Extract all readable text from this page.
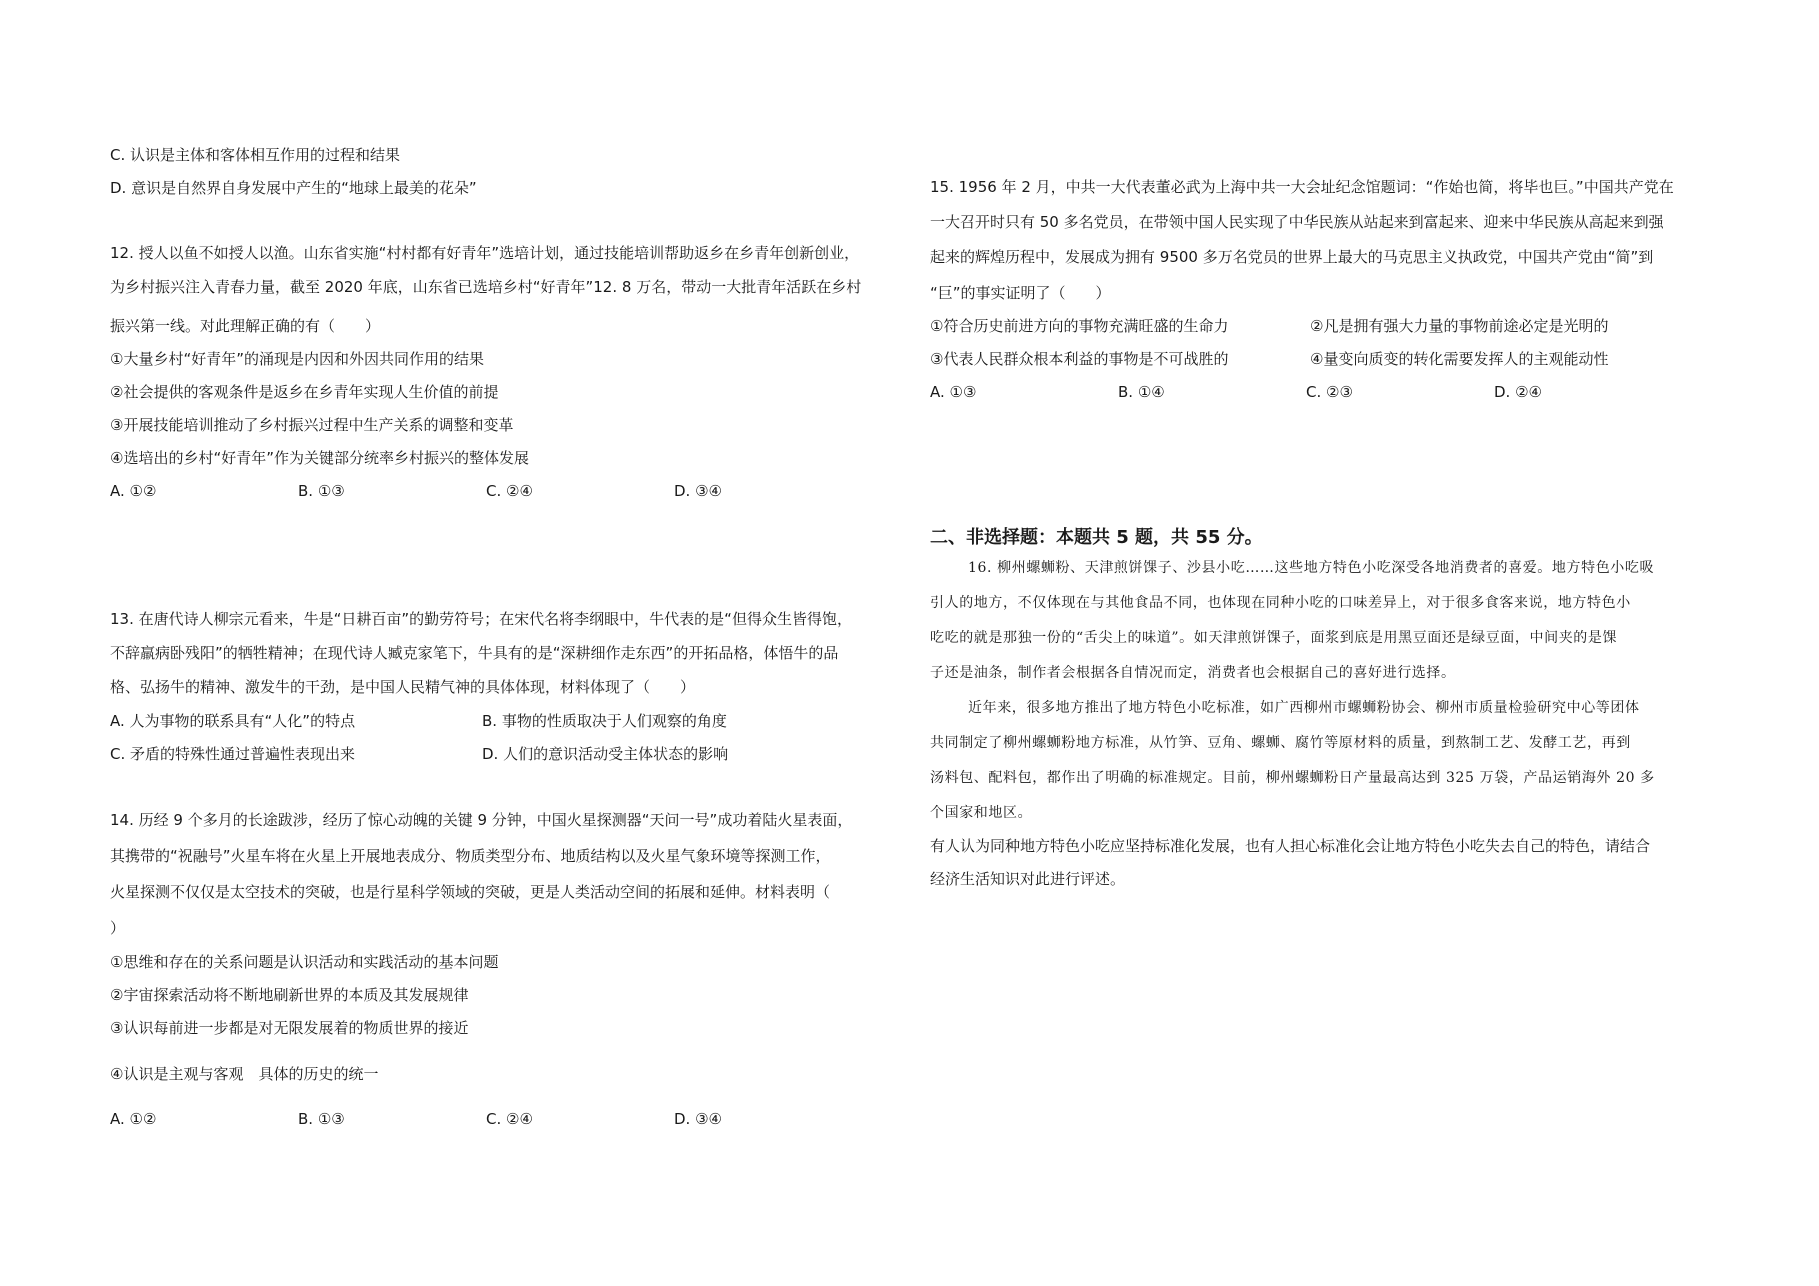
C. 认识是主体和客体相互作用的过程和结果
D. 意识是自然界自身发展中产生的“地球上最美的花朵”
12. 授人以鱼不如授人以渔。山东省实施“村村都有好青年”选培计划，通过技能培训帮助返乡在乡青年创新创业，
为乡村振兴注入青春力量，截至 2020 年底，山东省已选培乡村“好青年”12. 8 万名，带动一大批青年活跃在乡村
振兴第一线。对此理解正确的有（　　）
①大量乡村“好青年”的涌现是内因和外因共同作用的结果
②社会提供的客观条件是返乡在乡青年实现人生价值的前提
③开展技能培训推动了乡村振兴过程中生产关系的调整和变革
④选培出的乡村“好青年”作为关键部分统率乡村振兴的整体发展
A. ①②	B. ①③	C. ②④	D. ③④
13. 在唐代诗人柳宗元看来，牛是“日耕百亩”的勤劳符号；在宋代名将李纲眼中，牛代表的是“但得众生皆得饱，
不辞羸病卧残阳”的牺牲精神；在现代诗人臧克家笔下，牛具有的是“深耕细作走东西”的开拓品格，体悟牛的品
格、弘扬牛的精神、激发牛的干劲，是中国人民精气神的具体体现，材料体现了（　　）
A. 人为事物的联系具有“人化”的特点	B. 事物的性质取决于人们观察的角度
C. 矛盾的特殊性通过普遍性表现出来	D. 人们的意识活动受主体状态的影响
14. 历经 9 个多月的长途跋涉，经历了惊心动魄的关键 9 分钟，中国火星探测器“天问一号”成功着陆火星表面，
其携带的“祝融号”火星车将在火星上开展地表成分、物质类型分布、地质结构以及火星气象环境等探测工作，
火星探测不仅仅是太空技术的突破，也是行星科学领域的突破，更是人类活动空间的拓展和延伸。材料表明（
）
①思维和存在的关系问题是认识活动和实践活动的基本问题
②宇宙探索活动将不断地刷新世界的本质及其发展规律
③认识每前进一步都是对无限发展着的物质世界的接近
④认识是主观与客观　具体的历史的统一
A. ①②	B. ①③	C. ②④	D. ③④
15. 1956 年 2 月，中共一大代表董必武为上海中共一大会址纪念馆题词：“作始也简，将毕也巨。”中国共产党在
一大召开时只有 50 多名党员，在带领中国人民实现了中华民族从站起来到富起来、迎来中华民族从高起来到强
起来的辉煌历程中，发展成为拥有 9500 多万名党员的世界上最大的马克思主义执政党，中国共产党由“简”到
“巨”的事实证明了（　　）
①符合历史前进方向的事物充满旺盛的生命力	②凡是拥有强大力量的事物前途必定是光明的
③代表人民群众根本利益的事物是不可战胜的	④量变向质变的转化需要发挥人的主观能动性
A. ①③	B. ①④	C. ②③	D. ②④
二、非选择题：本题共 5 题，共 55 分。
16. 柳州螺蛳粉、天津煎饼馃子、沙县小吃……这些地方特色小吃深受各地消费者的喜爱。地方特色小吃吸
引人的地方，不仅体现在与其他食品不同，也体现在同种小吃的口味差异上，对于很多食客来说，地方特色小
吃吃的就是那独一份的“舌尖上的味道”。如天津煎饼馃子，面浆到底是用黑豆面还是绿豆面，中间夹的是馃
子还是油条，制作者会根据各自情况而定，消费者也会根据自己的喜好进行选择。
近年来，很多地方推出了地方特色小吃标准，如广西柳州市螺蛳粉协会、柳州市质量检验研究中心等团体
共同制定了柳州螺蛳粉地方标准，从竹笋、豆角、螺蛳、腐竹等原材料的质量，到熬制工艺、发酵工艺，再到
汤料包、配料包，都作出了明确的标准规定。目前，柳州螺蛳粉日产量最高达到 325 万袋，产品运销海外 20 多
个国家和地区。
有人认为同种地方特色小吃应坚持标准化发展，也有人担心标准化会让地方特色小吃失去自己的特色，请结合
经济生活知识对此进行评述。
